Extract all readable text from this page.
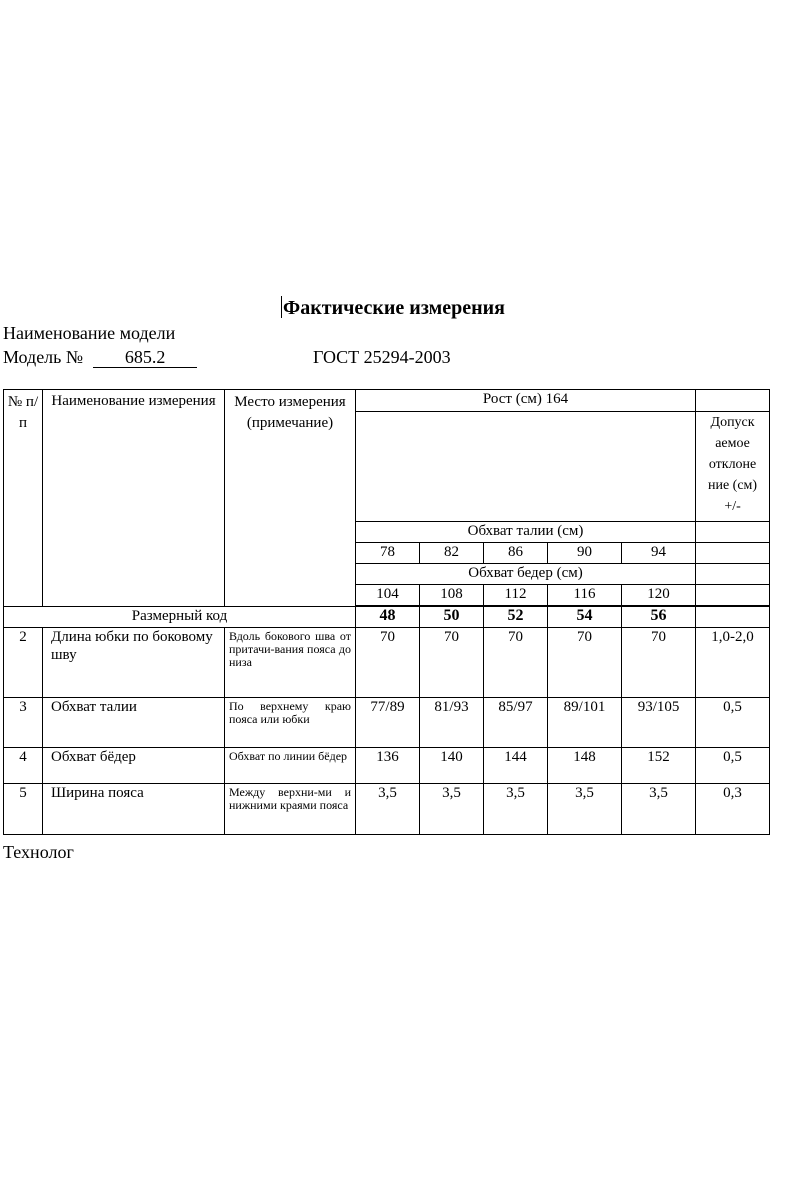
Фактические измерения
Наименование модели
Модель № 685.2	ГОСТ 25294-2003
№ п/ п	Наименование измерения	Место измерения (примечание)	Рост (см) 164					
								Допуск аемое отклоне ние (см) +/-
			Обхват талии (см)					
			78	82	86	90	94	
			Обхват бедер (см)					
			104	108	112	116	120	

Размерный код			48	50	52	54	56	
2	Длина юбки по боковому шву	Вдоль бокового шва от притачи-вания пояса до низа	70	70	70	70	70	1,0-2,0
3	Обхват талии	По верхнему краю пояса или юбки	77/89	81/93	85/97	89/101	93/105	0,5
4	Обхват бёдер	Обхват по линии бёдер	136	140	144	148	152	0,5
5	Ширина пояса	Между верхни-ми и нижними краями пояса	3,5	3,5	3,5	3,5	3,5	0,3
Технолог
